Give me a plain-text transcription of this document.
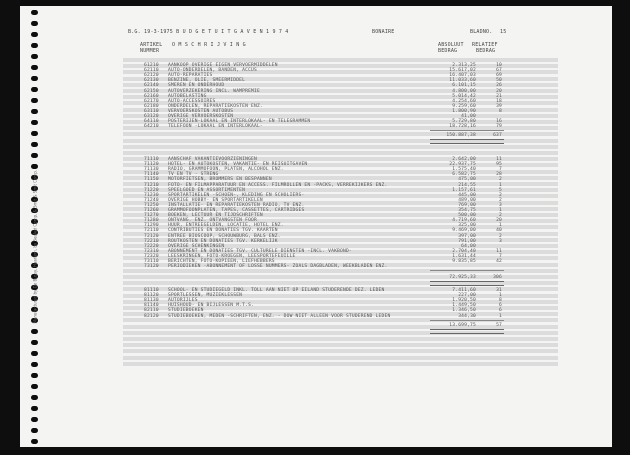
Manufactured by De Bussy, Haarlem, by Sealed Comp. & Smit & Smit Comp.
B.G. 19-3-1975 B U D G E T U I T G A V E N 1 9 7 4	BONAIRE	BLADNO. 15
ARTIKEL
NUMMER
O M S C H R I J V I N G	ABSOLUUT
BEDRAG
RELATIEF
BEDRAG
61210 AANKOOP OVERIGE EIGEN VERVOERMIDDELEN	2.313,25	10
62110 AUTO-ONDERDELEN, BANDEN, ACCUS	15.617,02	67
62120 AUTO-REPARATIES	16.407,03	69
62130 BENZINE, OLIE, SMEERMIDDEL	11.033,60	50
62140 SMEREN EN ONDERHOUD	6.101,15	26
62150 AUTOVERZEKERING INCL. WAMPREMIE	4.800,00	20
62160 AUTOBELASTING	5.014,42	21
62170 AUTO-ACCESSOIRES	4.254,60	18
62180 ONDERDELEN, REPARATIEKOSTEN ENZ.	9.259,60	39
63110 VERVOERSKOSTEN AUTOBUS	1.800,90	8
63120 OVERIGE VERVOERSKOSTEN	41,00
64110 POSTERIJEN-LOKAAL EN INTERLOKAAL- EN TELEGRAMMEN	5.729,80	16
64210 TELEFOON -LOKAAL EN INTERLOKAAL-	18.728,16	79
150.887,38	637
71110 AANSCHAF VAKANTIEVOORZIENINGEN	2.642,00	11
71120 HOTEL- EN AUTOKOSTEN, VAKANTIE- EN REISUITGAVEN	22.937,75	95
71130 RADIO, GRAMMOFOON, PLATEN, ALCOHOL ENZ.	1.575,40	7
71140 TV EN TV - STRENG	6.582,75	28
71150 MOTORFIETSEN, BROMMERS EN BESPANNEN	475,00	2
71210 FOTO- EN FILMAPPARATUUR EN ACCESS. FILMROLLEN EN -PACKS, VERREKIJKERS ENZ.	214,55	1
71220 SPEELGOED EN ASSORTIMENTEN	1.157,61	5
71230 SPORTARTIKELEN -SCHOEN-, KLEDING EN SCHOLIERS-	445,00	2
71240 OVERIGE HOBBY- EN SPORTARTIKELEN	489,00	2
71250 INSTALLATIE- EN REPARATIEKOSTEN RADIO, TV ENZ.	769,00	3
71260 GRAMMOFOONPLATEN, TAPES, CASSETTES, CARTRIDGES	354,75	1
71270 BOEKEN, LECTUUR EN TIJDSCHRIFTEN	500,00	2
71280 ONTVANG. ENZ. ONTVANGSTEN FOOR	4.719,60	20
71290 HUUR, ENTREEGELDEN, LOCATIE, HOTEL ENZ.	325,00	1
72110 CONTRIBUTIES EN DONATIES TGV. KAARTEN	9.469,00	40
72120 ENTREE BIOSCOOP, SCHOUWBURG, BALS ENZ.	397,00	2
72210 ROUTKOSTEN EN DONATIES TGV. KERKELIJK	791,00	3
72220 OVERIGE SCHENKINGEN	64,00
72310 ABONNEMENT EN DONATIES TGV. CULTURELE DIENSTEN -INCL. VAKBOND-	2.704,40	11
72320 LEESKRINGEN, FOTO-KROEGEN, LEESPORTEFEUILLE	1.631,44	7
73110 BERICHTEN, FOTO-KOPIEEN, LIEFHEBBERS	9.835,85	42
73120 PERIODIEKEN -ABONNEMENT OF LOSSE NUMMERS- ZOALS DAGBLADEN, WEEKBLADEN ENZ.
72.925,33	306
81110 SCHOOL- EN STUDIEGELD INKL. TOLL AAN NIET OP EILAND STUDERENDE DEZ. LEDEN	7.411,60	31
81120 SPORTLESSEN, MUZIEKLESSEN	227,00	1
81130 AUTORIJLES	1.920,50	8
81140 HUISHOUD- EN BIJLESSEN M.T.S.	1.449,50	6
82110 STUDIEBOEKEN	1.346,50	6
82120 STUDIEBOEKEN, MEDEN -SCHRIFTEN, ENZ. - DOW NIET ALLEEN VOOR STUDEREND LEDEN	344,30	1
13.699,75	57
